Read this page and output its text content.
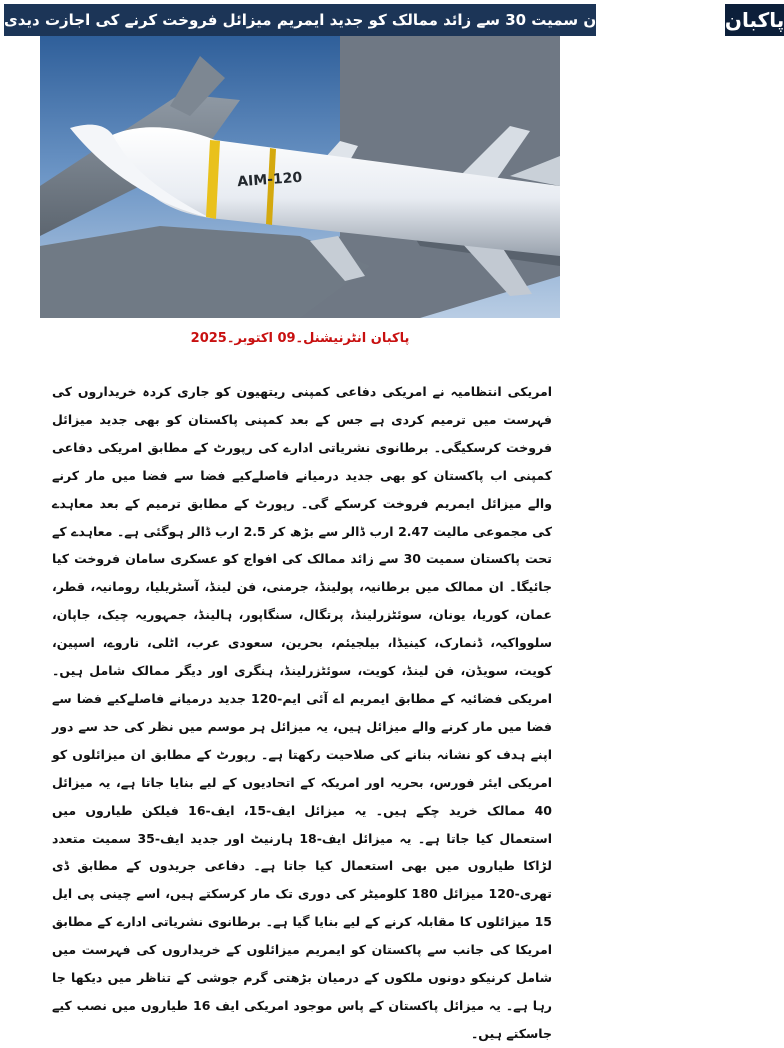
امریکہ نے پاکستان سمیت 30 سے زائد ممالک کو جدید ایمریم میزائل فروخت کرنے کی اجازت دیدی پاکبان
AIM-120
پاکبان انٹرنیشنل۔09 اکتوبر۔2025

امریکی انتظامیہ نے امریکی دفاعی کمپنی ریتھیون کو جاری کردہ خریداروں کی فہرست میں ترمیم کردی ہے جس کے بعد کمپنی پاکستان کو بھی جدید میزائل فروخت کرسکیگی۔ برطانوی نشریاتی ادارے کی رپورٹ کے مطابق امریکی دفاعی کمپنی اب پاکستان کو بھی جدید درمیانے فاصلےکیے فضا سے فضا میں مار کرنے والے میزائل ایمریم فروخت کرسکے گی۔ رپورٹ کے مطابق ترمیم کے بعد معاہدے کی مجموعی مالیت 2.47 ارب ڈالر سے بڑھ کر 2.5 ارب ڈالر ہوگئی ہے۔ معاہدے کے تحت پاکستان سمیت 30 سے زائد ممالک کی افواج کو عسکری سامان فروخت کیا جائیگا۔ ان ممالک میں برطانیہ، پولینڈ، جرمنی، فن لینڈ، آسٹریلیا، رومانیہ، قطر، عمان، کوریا، یونان، سوئٹزرلینڈ، پرتگال، سنگاپور، ہالینڈ، جمہوریہ چیک، جاپان، سلوواکیہ، ڈنمارک، کینیڈا، بیلجیئم، بحرین، سعودی عرب، اٹلی، ناروے، اسپین، کویت، سویڈن، فن لینڈ، کویت، سوئٹزرلینڈ، ہنگری اور دیگر ممالک شامل ہیں۔ امریکی فضائیہ کے مطابق ایمریم اے آئی ایم-120 جدید درمیانے فاصلےکیے فضا سے فضا میں مار کرنے والے میزائل ہیں، یہ میزائل ہر موسم میں نظر کی حد سے دور اپنے ہدف کو نشانہ بنانے کی صلاحیت رکھتا ہے۔ رپورٹ کے مطابق ان میزائلوں کو امریکی ایئر فورس، بحریہ اور امریکہ کے اتحادیوں کے لیے بنایا جاتا ہے، یہ میزائل 40 ممالک خرید چکے ہیں۔ یہ میزائل ایف-15، ایف-16 فیلکن طیاروں میں استعمال کیا جاتا ہے۔ یہ میزائل ایف-18 ہارنیٹ اور جدید ایف-35 سمیت متعدد لڑاکا طیاروں میں بھی استعمال کیا جاتا ہے۔ دفاعی جریدوں کے مطابق ڈی تھری-120 میزائل 180 کلومیٹر کی دوری تک مار کرسکتے ہیں، اسے چینی پی ایل 15 میزائلوں کا مقابلہ کرنے کے لیے بنایا گیا ہے۔ برطانوی نشریاتی ادارے کے مطابق امریکا کی جانب سے پاکستان کو ایمریم میزائلوں کے خریداروں کی فہرست میں شامل کرنیکو دونوں ملکوں کے درمیان بڑھتی گرم جوشی کے تناظر میں دیکھا جا رہا ہے۔ یہ میزائل پاکستان کے پاس موجود امریکی ایف 16 طیاروں میں نصب کیے جاسکتے ہیں۔
